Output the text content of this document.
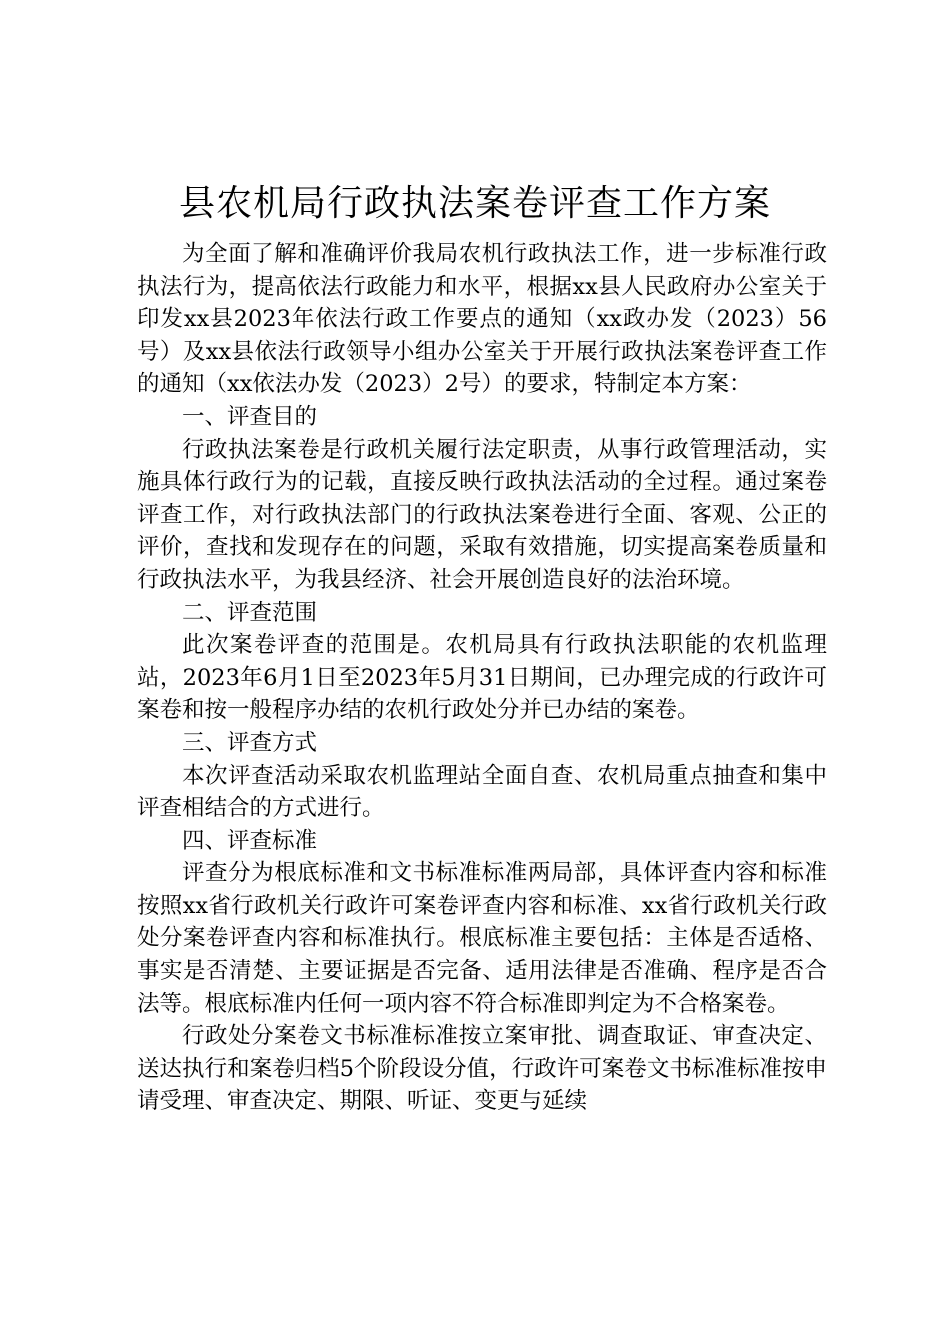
县农机局行政执法案卷评查工作方案

为全面了解和准确评价我局农机行政执法工作，进一步标准行政执法行为，提高依法行政能力和水平，根据xx县人民政府办公室关于印发xx县2023年依法行政工作要点的通知（xx政办发（2023）56号）及xx县依法行政领导小组办公室关于开展行政执法案卷评查工作的通知（xx依法办发（2023）2号）的要求，特制定本方案：

一、评查目的

行政执法案卷是行政机关履行法定职责，从事行政管理活动，实施具体行政行为的记载，直接反映行政执法活动的全过程。通过案卷评查工作，对行政执法部门的行政执法案卷进行全面、客观、公正的评价，查找和发现存在的问题，采取有效措施，切实提高案卷质量和行政执法水平，为我县经济、社会开展创造良好的法治环境。

二、评查范围

此次案卷评查的范围是。农机局具有行政执法职能的农机监理站，2023年6月1日至2023年5月31日期间，已办理完成的行政许可案卷和按一般程序办结的农机行政处分并已办结的案卷。

三、评查方式

本次评查活动采取农机监理站全面自查、农机局重点抽查和集中评查相结合的方式进行。

四、评查标准

评查分为根底标准和文书标准标准两局部，具体评查内容和标准按照xx省行政机关行政许可案卷评查内容和标准、xx省行政机关行政处分案卷评查内容和标准执行。根底标准主要包括：主体是否适格、事实是否清楚、主要证据是否完备、适用法律是否准确、程序是否合法等。根底标准内任何一项内容不符合标准即判定为不合格案卷。

行政处分案卷文书标准标准按立案审批、调查取证、审查决定、送达执行和案卷归档5个阶段设分值，行政许可案卷文书标准标准按申请受理、审查决定、期限、听证、变更与延续
